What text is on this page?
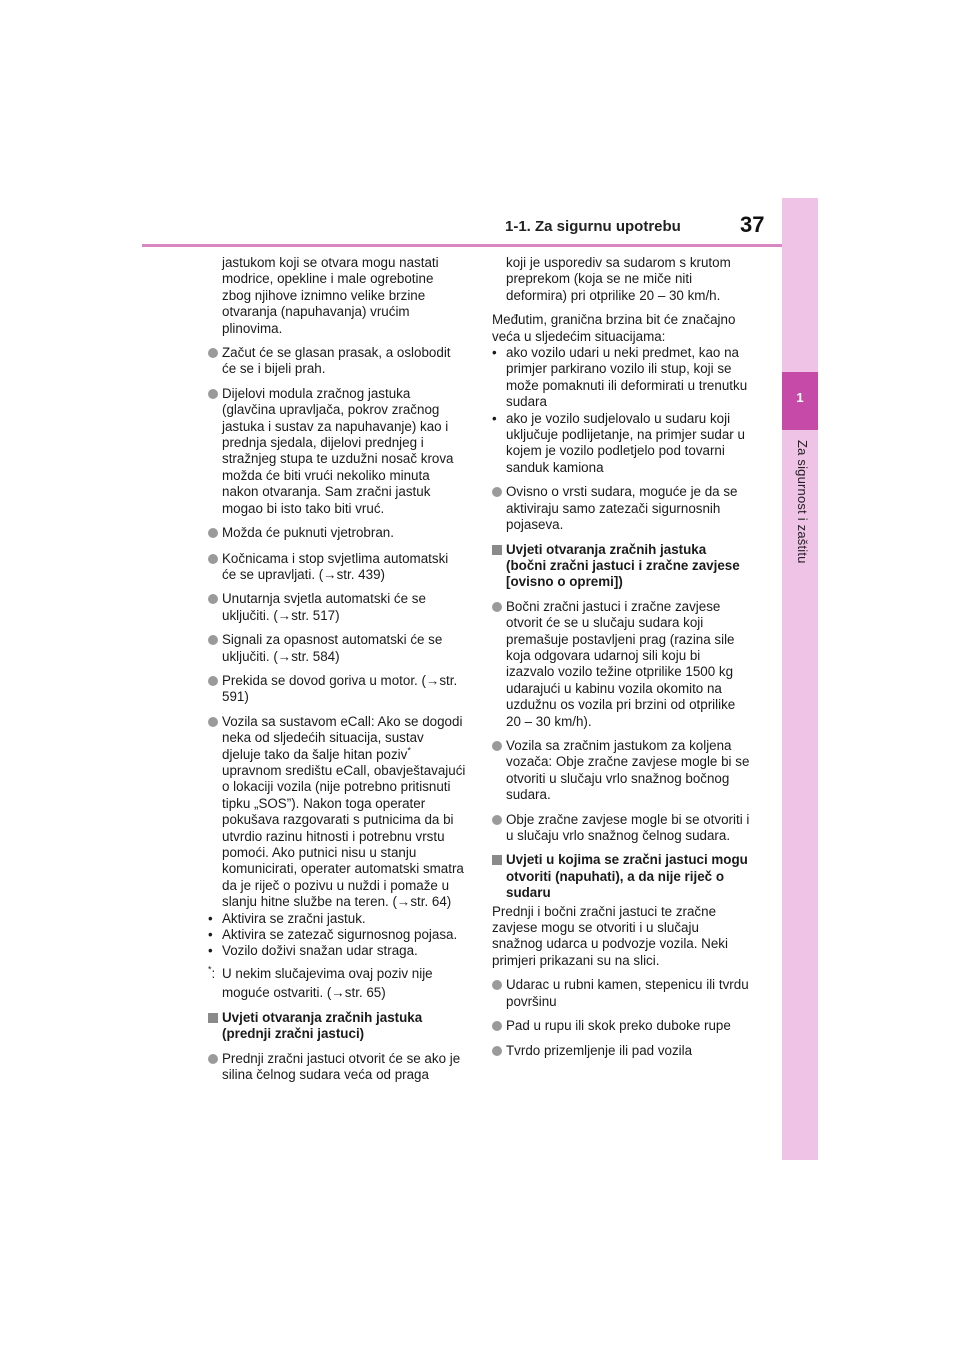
1-1. Za sigurnu upotrebu	37
1
Za sigurnost i zaštitu
jastukom koji se otvara mogu nastati modrice, opekline i male ogrebotine zbog njihove iznimno velike brzine otvaranja (napuhavanja) vrućim plinovima.
Začut će se glasan prasak, a oslobodit će se i bijeli prah.
Dijelovi modula zračnog jastuka (glavčina upravljača, pokrov zračnog jastuka i sustav za napuhavanje) kao i prednja sjedala, dijelovi prednjeg i stražnjeg stupa te uzdužni nosač krova možda će biti vrući nekoliko minuta nakon otvaranja. Sam zračni jastuk mogao bi isto tako biti vruć.
Možda će puknuti vjetrobran.
Kočnicama i stop svjetlima automatski će se upravljati. (→str. 439)
Unutarnja svjetla automatski će se uključiti. (→str. 517)
Signali za opasnost automatski će se uključiti. (→str. 584)
Prekida se dovod goriva u motor. (→str. 591)
Vozila sa sustavom eCall: Ako se dogodi neka od sljedećih situacija, sustav djeluje tako da šalje hitan poziv* upravnom središtu eCall, obavještavajući o lokaciji vozila (nije potrebno pritisnuti tipku „SOS”). Nakon toga operater pokušava razgovarati s putnicima da bi utvrdio razinu hitnosti i potrebnu vrstu pomoći. Ako putnici nisu u stanju komunicirati, operater automatski smatra da je riječ o pozivu u nuždi i pomaže u slanju hitne službe na teren. (→str. 64)
• Aktivira se zračni jastuk.
• Aktivira se zatezač sigurnosnog pojasa.
• Vozilo doživi snažan udar straga.
*: U nekim slučajevima ovaj poziv nije moguće ostvariti. (→str. 65)
Uvjeti otvaranja zračnih jastuka (prednji zračni jastuci)
Prednji zračni jastuci otvorit će se ako je silina čelnog sudara veća od praga
koji je usporediv sa sudarom s krutom preprekom (koja se ne miče niti deformira) pri otprilike 20 – 30 km/h.
Međutim, granična brzina bit će značajno veća u sljedećim situacijama:
• ako vozilo udari u neki predmet, kao na primjer parkirano vozilo ili stup, koji se može pomaknuti ili deformirati u trenutku sudara
• ako je vozilo sudjelovalo u sudaru koji uključuje podlijetanje, na primjer sudar u kojem je vozilo podletjelo pod tovarni sanduk kamiona
Ovisno o vrsti sudara, moguće je da se aktiviraju samo zatezači sigurnosnih pojaseva.
Uvjeti otvaranja zračnih jastuka (bočni zračni jastuci i zračne zavjese [ovisno o opremi])
Bočni zračni jastuci i zračne zavjese otvorit će se u slučaju sudara koji premašuje postavljeni prag (razina sile koja odgovara udarnoj sili koju bi izazvalo vozilo težine otprilike 1500 kg udarajući u kabinu vozila okomito na uzdužnu os vozila pri brzini od otprilike 20 – 30 km/h).
Vozila sa zračnim jastukom za koljena vozača: Obje zračne zavjese mogle bi se otvoriti u slučaju vrlo snažnog bočnog sudara.
Obje zračne zavjese mogle bi se otvoriti i u slučaju vrlo snažnog čelnog sudara.
Uvjeti u kojima se zračni jastuci mogu otvoriti (napuhati), a da nije riječ o sudaru
Prednji i bočni zračni jastuci te zračne zavjese mogu se otvoriti i u slučaju snažnog udarca u podvozje vozila. Neki primjeri prikazani su na slici.
Udarac u rubni kamen, stepenicu ili tvrdu površinu
Pad u rupu ili skok preko duboke rupe
Tvrdo prizemljenje ili pad vozila
